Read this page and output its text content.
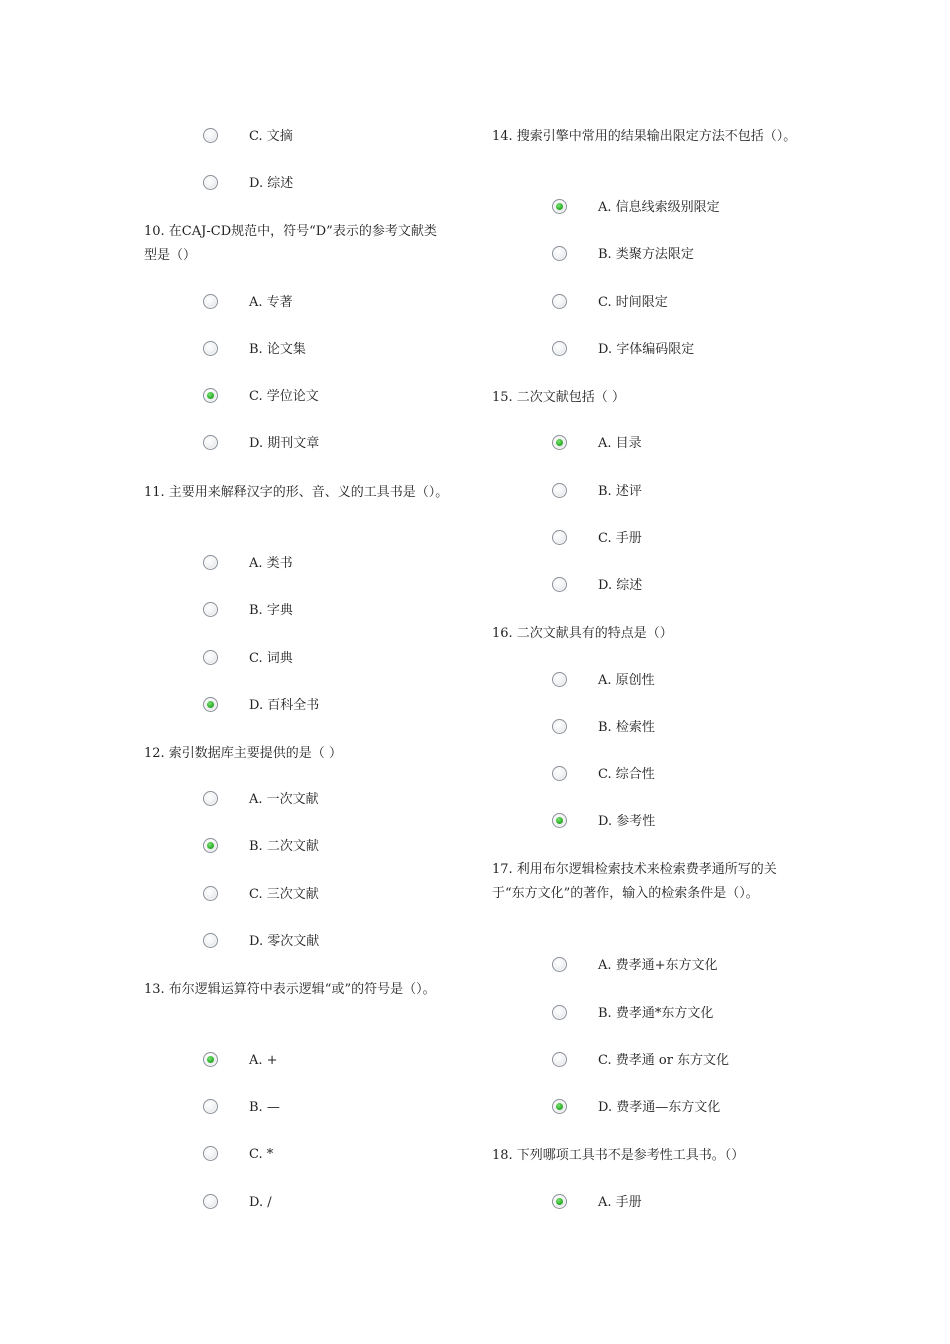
C. 文摘
D. 综述
10. 在CAJ-CD规范中，符号“D”表示的参考文献类型是（）
A. 专著
B. 论文集
C. 学位论文
D. 期刊文章
11. 主要用来解释汉字的形、音、义的工具书是（）。
A. 类书
B. 字典
C. 词典
D. 百科全书
12. 索引数据库主要提供的是（ ）
A. 一次文献
B. 二次文献
C. 三次文献
D. 零次文献
13. 布尔逻辑运算符中表示逻辑“或”的符号是（）。
A. +
B. —
C. *
D. /
14. 搜索引擎中常用的结果输出限定方法不包括（）。
A. 信息线索级别限定
B. 类聚方法限定
C. 时间限定
D. 字体编码限定
15. 二次文献包括（ ）
A. 目录
B. 述评
C. 手册
D. 综述
16. 二次文献具有的特点是（）
A. 原创性
B. 检索性
C. 综合性
D. 参考性
17. 利用布尔逻辑检索技术来检索费孝通所写的关于“东方文化”的著作，输入的检索条件是（）。
A. 费孝通+东方文化
B. 费孝通*东方文化
C. 费孝通 or 东方文化
D. 费孝通—东方文化
18. 下列哪项工具书不是参考性工具书。（）
A. 手册
